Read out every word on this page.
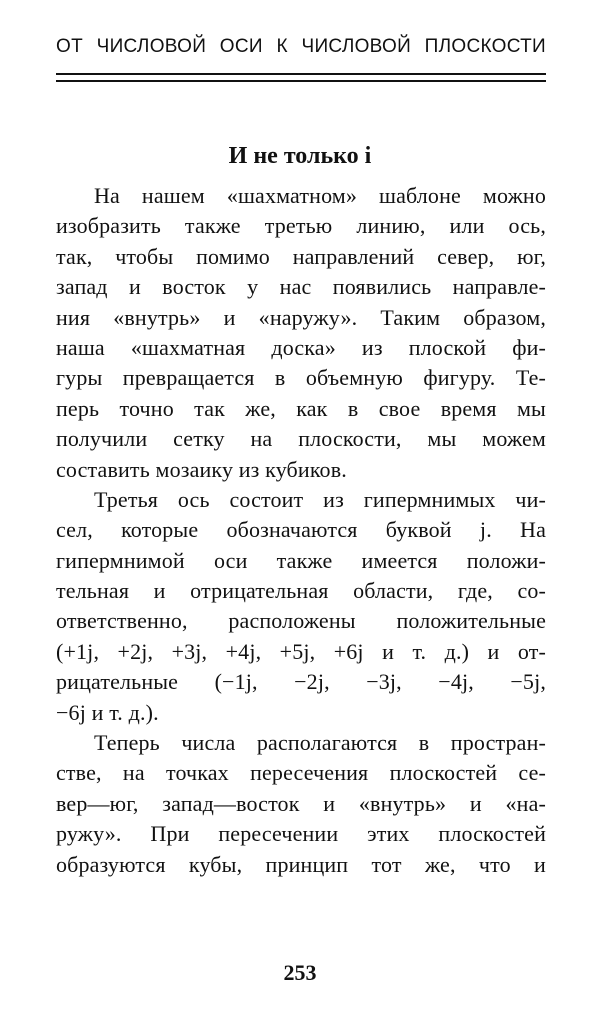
ОТ ЧИСЛОВОЙ ОСИ К ЧИСЛОВОЙ ПЛОСКОСТИ
И не только i
На нашем «шахматном» шаблоне можно
изобразить также третью линию, или ось,
так, чтобы помимо направлений север, юг,
запад и восток у нас появились направле-
ния «внутрь» и «наружу». Таким образом,
наша «шахматная доска» из плоской фи-
гуры превращается в объемную фигуру. Те-
перь точно так же, как в свое время мы
получили сетку на плоскости, мы можем
составить мозаику из кубиков.
Третья ось состоит из гипермнимых чи-
сел, которые обозначаются буквой j. На
гипермнимой оси также имеется положи-
тельная и отрицательная области, где, со-
ответственно, расположены положительные
(+1j, +2j, +3j, +4j, +5j, +6j и т. д.) и от-
рицательные (−1j, −2j, −3j, −4j, −5j,
−6j и т. д.).
Теперь числа располагаются в простран-
стве, на точках пересечения плоскостей се-
вер—юг, запад—восток и «внутрь» и «на-
ружу». При пересечении этих плоскостей
образуются кубы, принцип тот же, что и
253
